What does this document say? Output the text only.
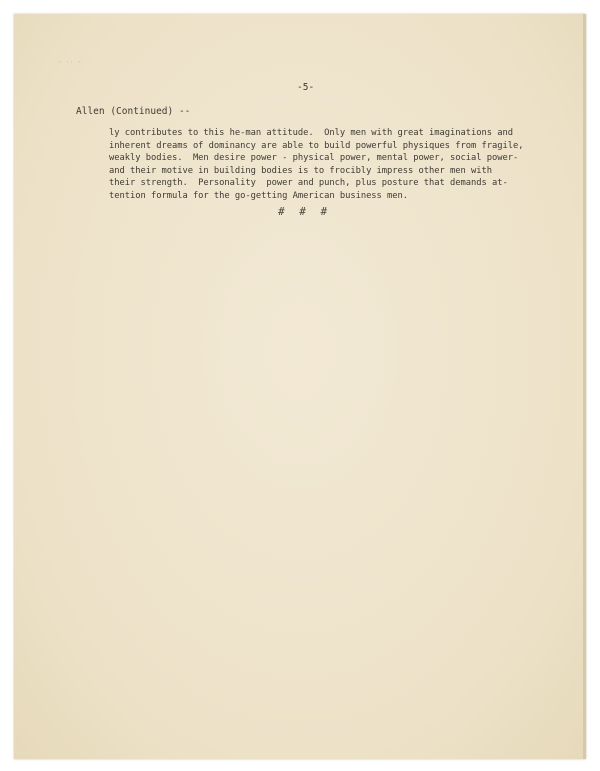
" '' "

-5-

Allen (Continued) --

ly contributes to this he-man attitude.  Only men with great imaginations and
inherent dreams of dominancy are able to build powerful physiques from fragile,
weakly bodies.  Men desire power - physical power, mental power, social power-
and their motive in building bodies is to frocibly impress other men with
their strength.  Personality  power and punch, plus posture that demands at-
tention formula for the go-getting American business men.

# # #
